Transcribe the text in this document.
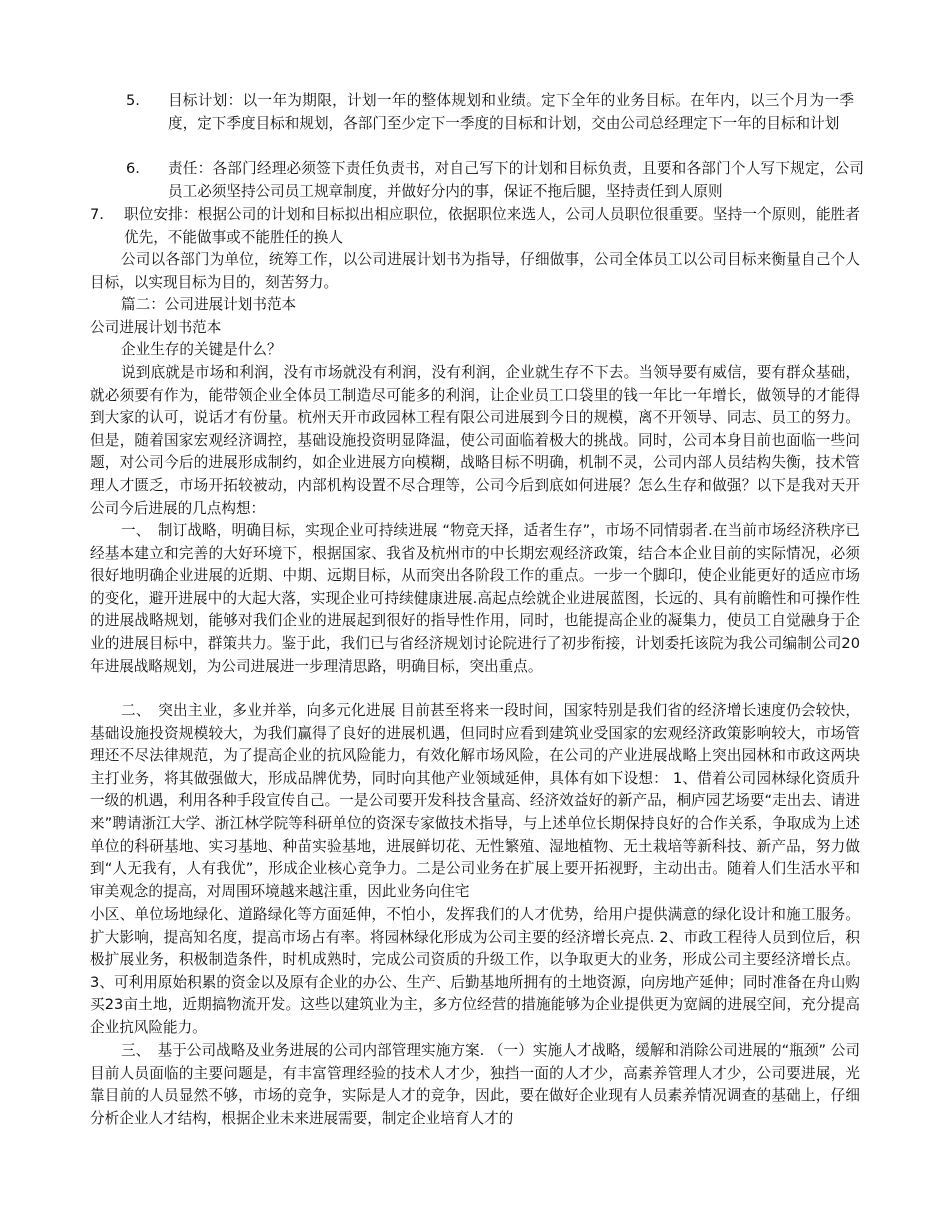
5. 目标计划：以一年为期限，计划一年的整体规划和业绩。定下全年的业务目标。在年内，以三个月为一季度，定下季度目标和规划，各部门至少定下一季度的目标和计划，交由公司总经理定下一年的目标和计划
6. 责任：各部门经理必须签下责任负责书，对自己写下的计划和目标负责，且要和各部门个人写下规定，公司员工必须坚持公司员工规章制度，并做好分内的事，保证不拖后腿，坚持责任到人原则
7. 职位安排：根据公司的计划和目标拟出相应职位，依据职位来选人，公司人员职位很重要。坚持一个原则，能胜者优先，不能做事或不能胜任的换人
公司以各部门为单位，统筹工作，以公司进展计划书为指导，仔细做事，公司全体员工以公司目标来衡量自己个人目标，以实现目标为目的，刻苦努力。
篇二：公司进展计划书范本
公司进展计划书范本
企业生存的关键是什么？
说到底就是市场和利润，没有市场就没有利润，没有利润，企业就生存不下去。当领导要有威信，要有群众基础，就必须要有作为，能带领企业全体员工制造尽可能多的利润，让企业员工口袋里的钱一年比一年增长，做领导的才能得到大家的认可，说话才有份量。杭州天开市政园林工程有限公司进展到今日的规模，离不开领导、同志、员工的努力。但是，随着国家宏观经济调控，基础设施投资明显降温，使公司面临着极大的挑战。同时，公司本身目前也面临一些问题，对公司今后的进展形成制约，如企业进展方向模糊，战略目标不明确，机制不灵，公司内部人员结构失衡，技术管理人才匮乏，市场开拓较被动，内部机构设置不尽合理等，公司今后到底如何进展？怎么生存和做强？以下是我对天开公司今后进展的几点构想：
一、　制订战略，明确目标，实现企业可持续进展 “物竞天择，适者生存”，市场不同情弱者.在当前市场经济秩序已经基本建立和完善的大好环境下，根据国家、我省及杭州市的中长期宏观经济政策，结合本企业目前的实际情况，必须很好地明确企业进展的近期、中期、远期目标，从而突出各阶段工作的重点。一步一个脚印，使企业能更好的适应市场的变化，避开进展中的大起大落，实现企业可持续健康进展.高起点绘就企业进展蓝图，长远的、具有前瞻性和可操作性的进展战略规划，能够对我们企业的进展起到很好的指导性作用，同时，也能提高企业的凝集力，使员工自觉融身于企业的进展目标中，群策共力。鉴于此，我们已与省经济规划讨论院进行了初步衔接，计划委托该院为我公司编制公司20年进展战略规划，为公司进展进一步理清思路，明确目标，突出重点。
二、　突出主业，多业并举，向多元化进展 目前甚至将来一段时间，国家特别是我们省的经济增长速度仍会较快，基础设施投资规模较大，为我们赢得了良好的进展机遇，但同时应看到建筑业受国家的宏观经济政策影响较大，市场管理还不尽法律规范，为了提高企业的抗风险能力，有效化解市场风险，在公司的产业进展战略上突出园林和市政这两块主打业务，将其做强做大，形成品牌优势，同时向其他产业领域延伸，具体有如下设想： 1、借着公司园林绿化资质升一级的机遇，利用各种手段宣传自己。一是公司要开发科技含量高、经济效益好的新产品，桐庐园艺场要“走出去、请进来”聘请浙江大学、浙江林学院等科研单位的资深专家做技术指导，与上述单位长期保持良好的合作关系，争取成为上述单位的科研基地、实习基地、种苗实验基地，进展鲜切花、无性繁殖、湿地植物、无土栽培等新科技、新产品，努力做到“人无我有，人有我优”，形成企业核心竞争力。二是公司业务在扩展上要开拓视野，主动出击。随着人们生活水平和审美观念的提高，对周围环境越来越注重，因此业务向住宅
小区、单位场地绿化、道路绿化等方面延伸，不怕小，发挥我们的人才优势，给用户提供满意的绿化设计和施工服务。扩大影响，提高知名度，提高市场占有率。将园林绿化形成为公司主要的经济增长亮点. 2、市政工程待人员到位后，积极扩展业务，积极制造条件，时机成熟时，完成公司资质的升级工作，以争取更大的业务，形成公司主要经济增长点。 3、可利用原始积累的资金以及原有企业的办公、生产、后勤基地所拥有的土地资源，向房地产延伸；同时准备在舟山购买23亩土地，近期搞物流开发。这些以建筑业为主，多方位经营的措施能够为企业提供更为宽阔的进展空间，充分提高企业抗风险能力。
三、　基于公司战略及业务进展的公司内部管理实施方案. （一）实施人才战略，缓解和消除公司进展的“瓶颈” 公司目前人员面临的主要问题是，有丰富管理经验的技术人才少，独挡一面的人才少，高素养管理人才少，公司要进展，光靠目前的人员显然不够，市场的竞争，实际是人才的竞争，因此，要在做好企业现有人员素养情况调查的基础上，仔细分析企业人才结构，根据企业未来进展需要，制定企业培育人才的
